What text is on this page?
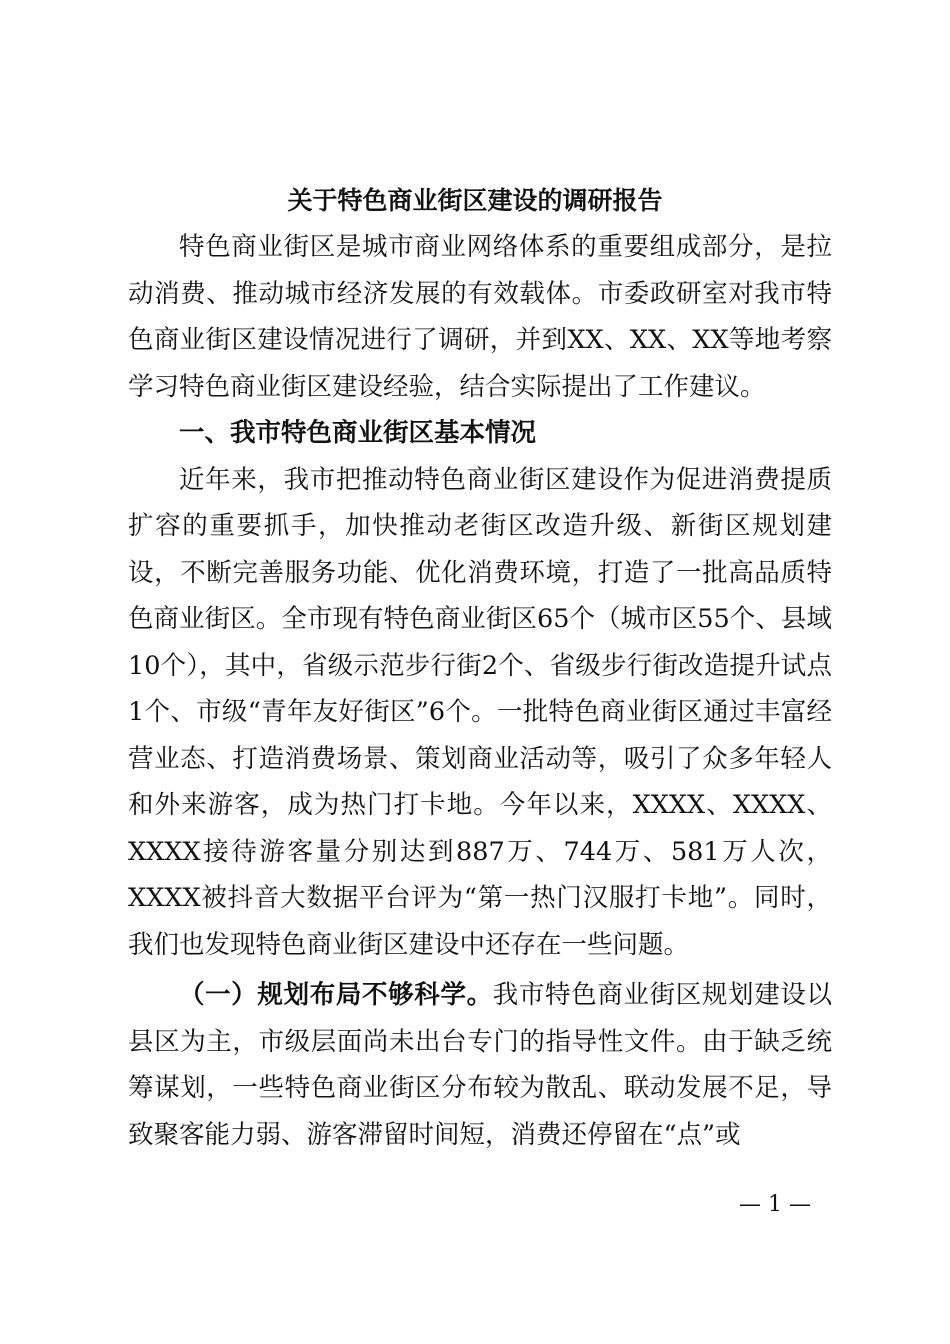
关于特色商业街区建设的调研报告

特色商业街区是城市商业网络体系的重要组成部分，是拉动消费、推动城市经济发展的有效载体。市委政研室对我市特色商业街区建设情况进行了调研，并到XX、XX、XX等地考察学习特色商业街区建设经验，结合实际提出了工作建议。

一、我市特色商业街区基本情况

近年来，我市把推动特色商业街区建设作为促进消费提质扩容的重要抓手，加快推动老街区改造升级、新街区规划建设，不断完善服务功能、优化消费环境，打造了一批高品质特色商业街区。全市现有特色商业街区65个（城市区55个、县域10个），其中，省级示范步行街2个、省级步行街改造提升试点1个、市级“青年友好街区”6个。一批特色商业街区通过丰富经营业态、打造消费场景、策划商业活动等，吸引了众多年轻人和外来游客，成为热门打卡地。今年以来，XXXX、XXXX、XXXX接待游客量分别达到887万、744万、581万人次，XXXX被抖音大数据平台评为“第一热门汉服打卡地”。同时，我们也发现特色商业街区建设中还存在一些问题。

（一）规划布局不够科学。我市特色商业街区规划建设以县区为主，市级层面尚未出台专门的指导性文件。由于缺乏统筹谋划，一些特色商业街区分布较为散乱、联动发展不足，导致聚客能力弱、游客滞留时间短，消费还停留在“点”或

— 1 —
